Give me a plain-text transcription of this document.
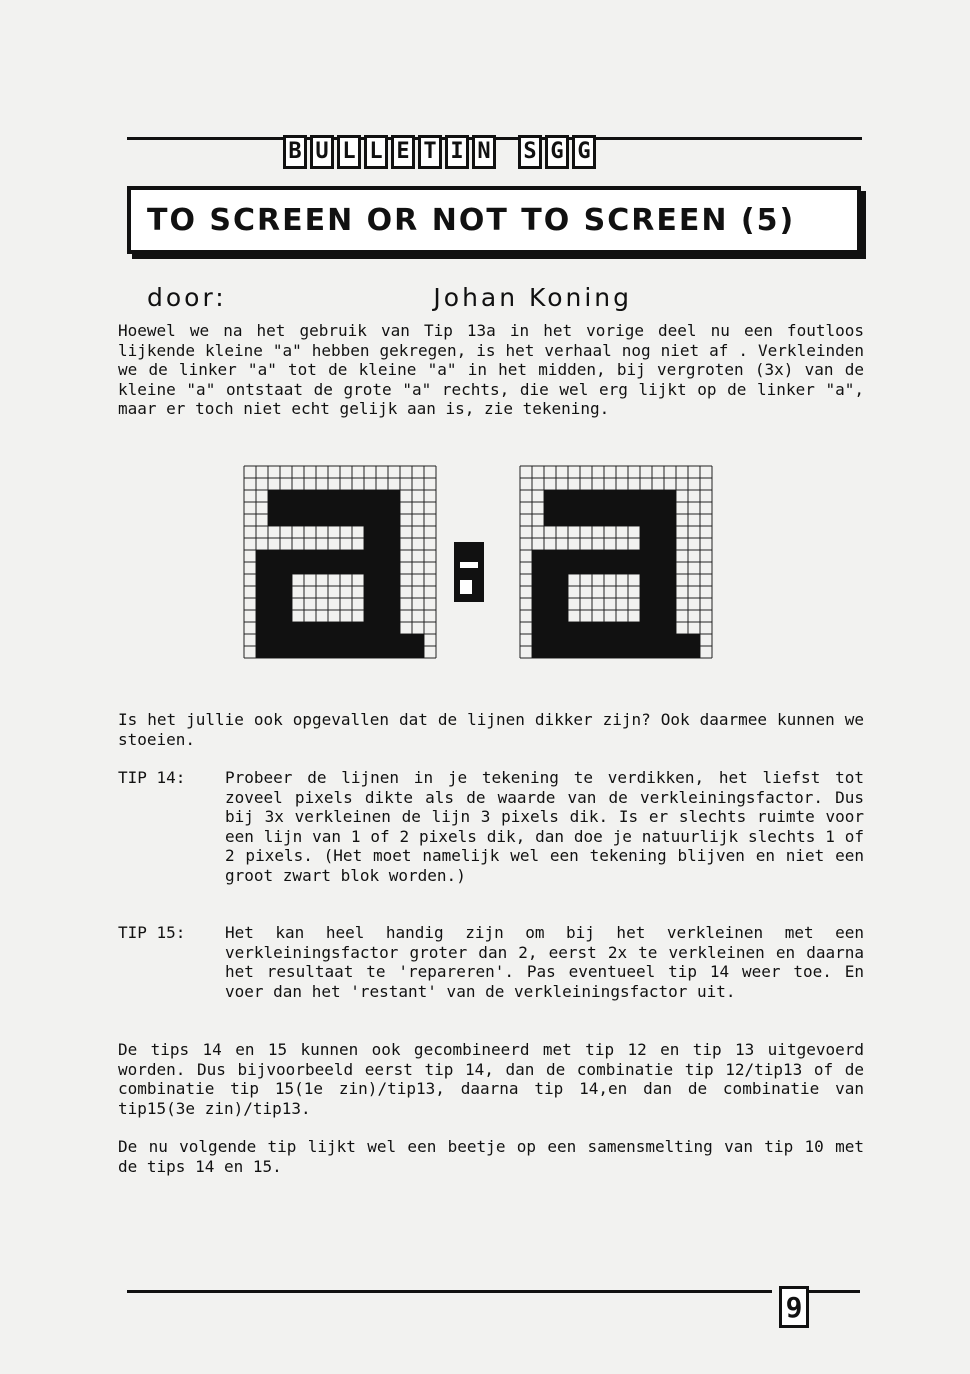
B U L L E T I N S G G
TO SCREEN OR NOT TO SCREEN (5)
door:	Johan Koning
Hoewel we na het gebruik van Tip 13a in het vorige deel nu een foutloos lijkende kleine "a" hebben gekregen, is het verhaal nog niet af . Verkleinden we de linker "a" tot de kleine "a" in het midden, bij vergroten (3x) van de kleine "a" ontstaat de grote "a" rechts, die wel erg lijkt op de linker "a", maar er toch niet echt gelijk aan is, zie tekening.
Is het jullie ook opgevallen dat de lijnen dikker zijn? Ook daarmee kunnen we stoeien.
TIP 14: Probeer de lijnen in je tekening te verdikken, het liefst tot zoveel pixels dikte als de waarde van de verkleiningsfactor. Dus bij 3x verkleinen de lijn 3 pixels dik. Is er slechts ruimte voor een lijn van 1 of 2 pixels dik, dan doe je natuurlijk slechts 1 of 2 pixels. (Het moet namelijk wel een tekening blijven en niet een groot zwart blok worden.)
TIP 15: Het kan heel handig zijn om bij het verkleinen met een verkleiningsfactor groter dan 2, eerst 2x te verkleinen en daarna het resultaat te 'repareren'. Pas eventueel tip 14 weer toe. En voer dan het 'restant' van de verkleiningsfactor uit.
De tips 14 en 15 kunnen ook gecombineerd met tip 12 en tip 13 uitgevoerd worden. Dus bijvoorbeeld eerst tip 14, dan de combinatie tip 12/tip13 of de combinatie tip 15(1e zin)/tip13, daarna tip 14,en dan de combinatie van tip15(3e zin)/tip13.
De nu volgende tip lijkt wel een beetje op een samensmelting van tip 10 met de tips 14 en 15.
9
